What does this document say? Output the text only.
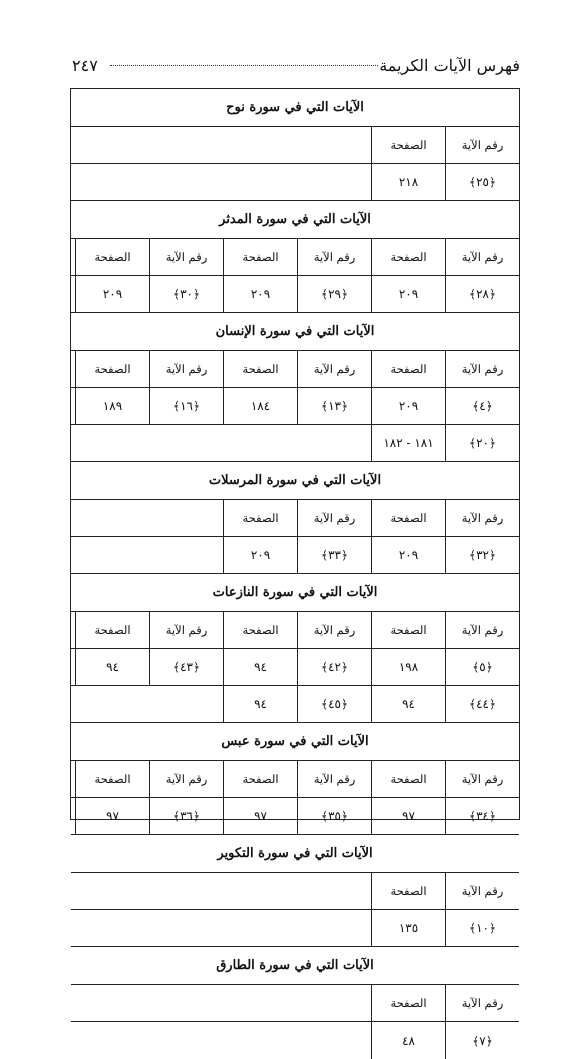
فهرس الآيات الكريمة
٢٤٧
الآيات التي في سورة نوح
رقم الآية
الصفحة
﴿٢٥﴾
٢١٨
الآيات التي في سورة المدثر
رقم الآية
الصفحة
رقم الآية
الصفحة
رقم الآية
الصفحة
﴿٢٨﴾
٢٠٩
﴿٢٩﴾
٢٠٩
﴿٣٠﴾
٢٠٩
الآيات التي في سورة الإنسان
رقم الآية
الصفحة
رقم الآية
الصفحة
رقم الآية
الصفحة
﴿٤﴾
٢٠٩
﴿١٣﴾
١٨٤
﴿١٦﴾
١٨٩
﴿٢٠﴾
١٨١ - ١٨٢
الآيات التي في سورة المرسلات
رقم الآية
الصفحة
رقم الآية
الصفحة
﴿٣٢﴾
٢٠٩
﴿٣٣﴾
٢٠٩
الآيات التي في سورة النازعات
رقم الآية
الصفحة
رقم الآية
الصفحة
رقم الآية
الصفحة
﴿٥﴾
١٩٨
﴿٤٢﴾
٩٤
﴿٤٣﴾
٩٤
﴿٤٤﴾
٩٤
﴿٤٥﴾
٩٤
الآيات التي في سورة عبس
رقم الآية
الصفحة
رقم الآية
الصفحة
رقم الآية
الصفحة
﴿٣٤﴾
٩٧
﴿٣٥﴾
٩٧
﴿٣٦﴾
٩٧
الآيات التي في سورة التكوير
رقم الآية
الصفحة
﴿١٠﴾
١٣٥
الآيات التي في سورة الطارق
رقم الآية
الصفحة
﴿٧﴾
٤٨
